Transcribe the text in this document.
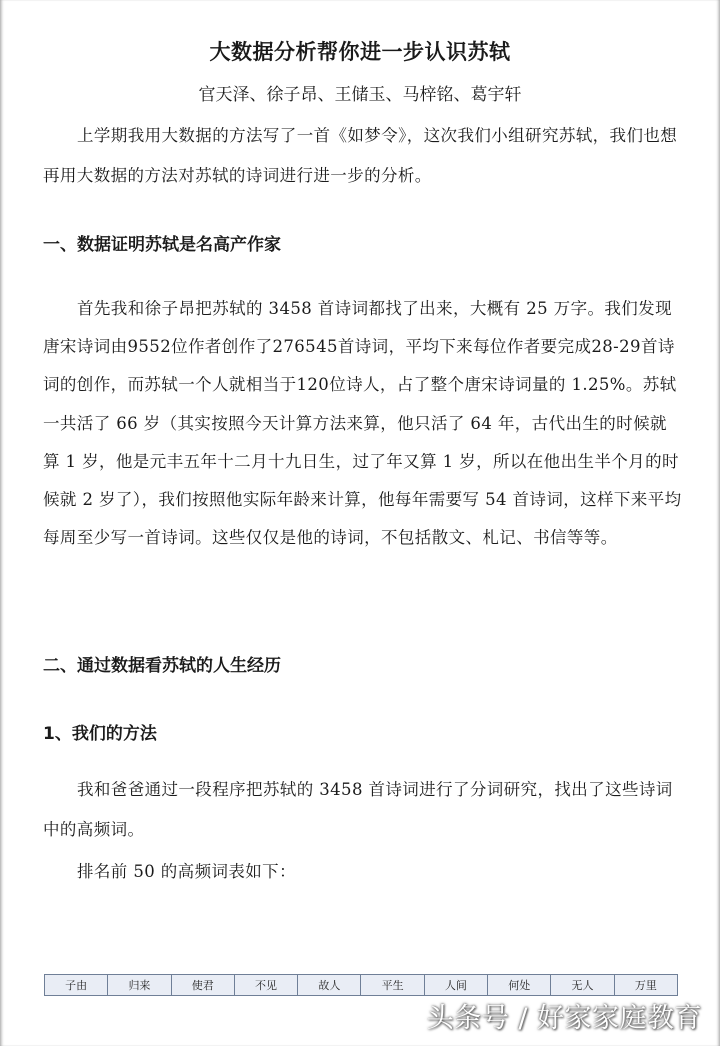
大数据分析帮你进一步认识苏轼
官天泽、徐子昂、王储玉、马梓铭、葛宇轩

上学期我用大数据的方法写了一首《如梦令》，这次我们小组研究苏轼，我们也想再用大数据的方法对苏轼的诗词进行进一步的分析。

一、数据证明苏轼是名高产作家

首先我和徐子昂把苏轼的 3458 首诗词都找了出来，大概有 25 万字。我们发现唐宋诗词由9552位作者创作了276545首诗词，平均下来每位作者要完成28-29首诗词的创作，而苏轼一个人就相当于120位诗人，占了整个唐宋诗词量的 1.25%。苏轼一共活了 66 岁（其实按照今天计算方法来算，他只活了 64 年，古代出生的时候就算 1 岁，他是元丰五年十二月十九日生，过了年又算 1 岁，所以在他出生半个月的时候就 2 岁了），我们按照他实际年龄来计算，他每年需要写 54 首诗词，这样下来平均每周至少写一首诗词。这些仅仅是他的诗词，不包括散文、札记、书信等等。

二、通过数据看苏轼的人生经历
1、我们的方法

我和爸爸通过一段程序把苏轼的 3458 首诗词进行了分词研究，找出了这些诗词中的高频词。

排名前 50 的高频词表如下：

子由	归来	使君	不见	故人	平生	人间	何处	无人	万里
头条号 / 好家家庭教育
